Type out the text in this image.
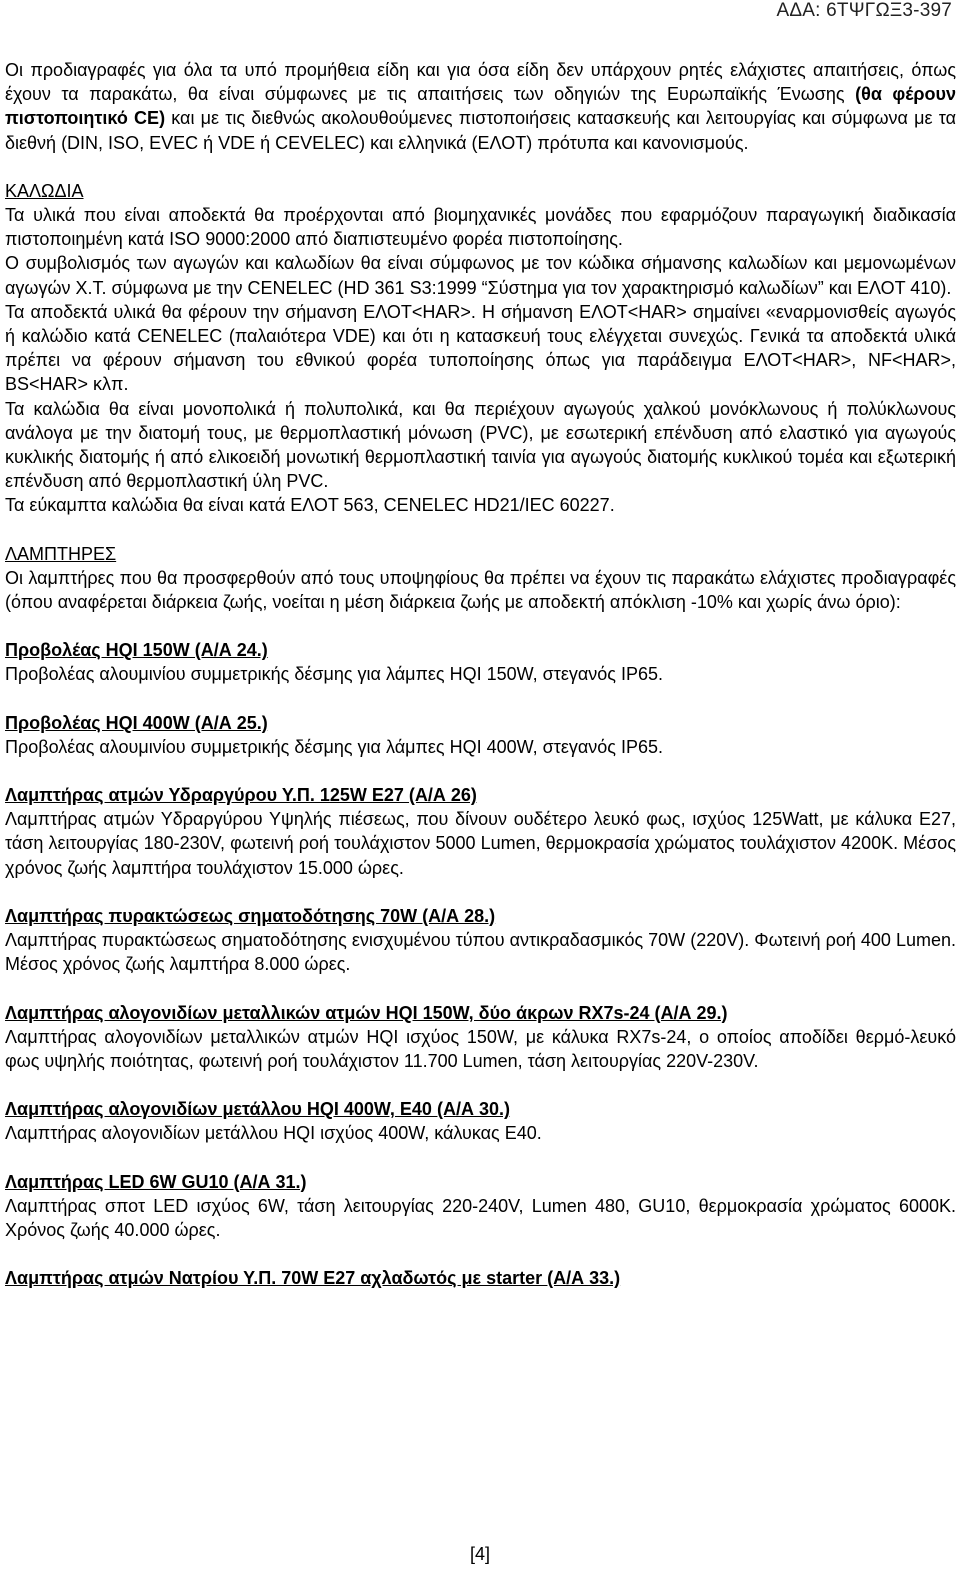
ΑΔΑ: 6ΤΨΓΩΞ3-397

Οι προδιαγραφές για όλα τα υπό προμήθεια είδη και για όσα είδη δεν υπάρχουν ρητές ελάχιστες απαιτήσεις, όπως έχουν τα παρακάτω, θα είναι σύμφωνες με τις απαιτήσεις των οδηγιών της Ευρωπαϊκής Ένωσης (θα φέρουν πιστοποιητικό CE) και με τις διεθνώς ακολουθούμενες πιστοποιήσεις κατασκευής και λειτουργίας και σύμφωνα με τα διεθνή (DIN, ISO, EVEC ή VDE ή CEVELEC) και ελληνικά (ΕΛΟΤ) πρότυπα και κανονισμούς.

ΚΑΛΩΔΙΑ

Τα υλικά που είναι αποδεκτά θα προέρχονται από βιομηχανικές μονάδες που εφαρμόζουν παραγωγική διαδικασία πιστοποιημένη κατά ISO 9000:2000 από διαπιστευμένο φορέα πιστοποίησης.

Ο συμβολισμός των αγωγών και καλωδίων θα είναι σύμφωνος με τον κώδικα σήμανσης καλωδίων και μεμονωμένων αγωγών Χ.Τ. σύμφωνα με την CENELEC (HD 361 S3:1999 “Σύστημα για τον χαρακτηρισμό καλωδίων” και ΕΛΟΤ 410).

Τα αποδεκτά υλικά θα φέρουν την σήμανση ΕΛΟΤ<HAR>. Η σήμανση ΕΛΟΤ<HAR> σημαίνει «εναρμονισθείς αγωγός ή καλώδιο κατά CENELEC (παλαιότερα VDE) και ότι η κατασκευή τους ελέγχεται συνεχώς. Γενικά τα αποδεκτά υλικά πρέπει να φέρουν σήμανση του εθνικού φορέα τυποποίησης όπως για παράδειγμα ΕΛΟΤ<HAR>, NF<HAR>, BS<HAR> κλπ.

Τα καλώδια θα είναι μονοπολικά ή πολυπολικά, και θα περιέχουν αγωγούς χαλκού μονόκλωνους ή πολύκλωνους ανάλογα με την διατομή τους, με θερμοπλαστική μόνωση (PVC), με εσωτερική επένδυση από ελαστικό για αγωγούς κυκλικής διατομής ή από ελικοειδή μονωτική θερμοπλαστική ταινία για αγωγούς διατομής κυκλικού τομέα και εξωτερική επένδυση από θερμοπλαστική ύλη PVC.

Τα εύκαμπτα καλώδια θα είναι κατά ΕΛΟΤ 563, CENELEC HD21/IEC 60227.

ΛΑΜΠΤΗΡΕΣ

Οι λαμπτήρες που θα προσφερθούν από τους υποψηφίους θα πρέπει να έχουν τις παρακάτω ελάχιστες προδιαγραφές (όπου αναφέρεται διάρκεια ζωής, νοείται η μέση διάρκεια ζωής με αποδεκτή απόκλιση -10% και χωρίς άνω όριο):

Προβολέας HQI 150W (Α/Α 24.)

Προβολέας αλουμινίου συμμετρικής δέσμης για λάμπες HQI 150W, στεγανός IP65.

Προβολέας HQI 400W (Α/Α 25.)

Προβολέας αλουμινίου συμμετρικής δέσμης για λάμπες HQI 400W, στεγανός IP65.

Λαμπτήρας ατμών Υδραργύρου Υ.Π. 125W E27 (Α/Α 26)

Λαμπτήρας ατμών Υδραργύρου Υψηλής πιέσεως, που δίνουν ουδέτερο λευκό φως, ισχύος 125Watt, με κάλυκα Ε27, τάση λειτουργίας 180-230V, φωτεινή ροή τουλάχιστον 5000 Lumen, θερμοκρασία χρώματος τουλάχιστον 4200Κ. Μέσος χρόνος ζωής λαμπτήρα τουλάχιστον 15.000 ώρες.

Λαμπτήρας πυρακτώσεως σηματοδότησης 70W (Α/Α 28.)

Λαμπτήρας πυρακτώσεως σηματοδότησης ενισχυμένου τύπου αντικραδασμικός 70W (220V). Φωτεινή ροή 400 Lumen. Μέσος χρόνος ζωής λαμπτήρα 8.000 ώρες.

Λαμπτήρας αλογονιδίων μεταλλικών ατμών HQI 150W, δύο άκρων RX7s-24 (Α/Α 29.)

Λαμπτήρας αλογονιδίων μεταλλικών ατμών HQI ισχύος 150W, με κάλυκα RX7s-24, ο οποίος αποδίδει θερμό-λευκό φως υψηλής ποιότητας, φωτεινή ροή τουλάχιστον 11.700 Lumen, τάση λειτουργίας 220V-230V.

Λαμπτήρας αλογονιδίων μετάλλου HQI 400W, Ε40 (Α/Α 30.)

Λαμπτήρας αλογονιδίων μετάλλου HQI ισχύος 400W, κάλυκας Ε40.

Λαμπτήρας LED 6W GU10 (Α/Α 31.)

Λαμπτήρας σποτ LED ισχύος 6W, τάση λειτουργίας 220-240V, Lumen 480, GU10, θερμοκρασία χρώματος 6000Κ. Χρόνος ζωής 40.000 ώρες.

Λαμπτήρας ατμών Νατρίου Υ.Π. 70W Ε27 αχλαδωτός με starter (Α/Α 33.)

[4]
